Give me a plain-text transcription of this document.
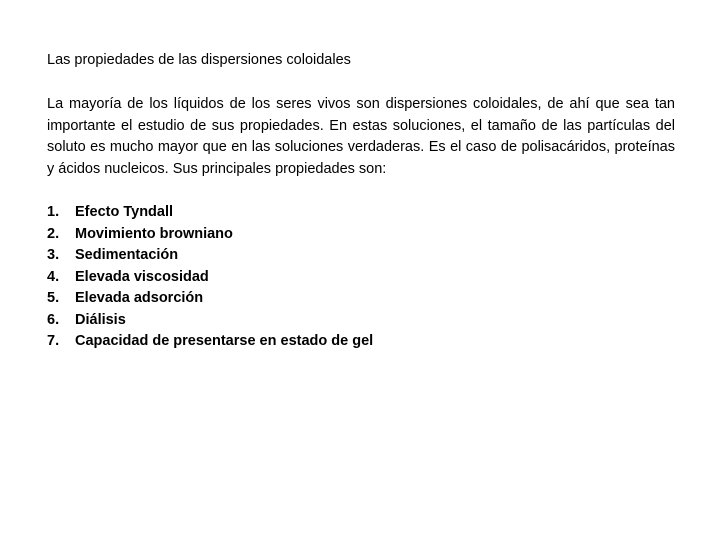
Las propiedades de las dispersiones coloidales

La mayoría de los líquidos de los seres vivos son dispersiones coloidales, de ahí que sea tan importante el estudio de sus propiedades. En estas soluciones, el tamaño de las partículas del soluto es mucho mayor que en las soluciones verdaderas. Es el caso de polisacáridos, proteínas y ácidos nucleicos. Sus principales propiedades son:

1.	Efecto Tyndall
2.	Movimiento browniano
3.	Sedimentación
4.	Elevada viscosidad
5.	Elevada adsorción
6.	Diálisis
7.	Capacidad de presentarse en estado de gel
